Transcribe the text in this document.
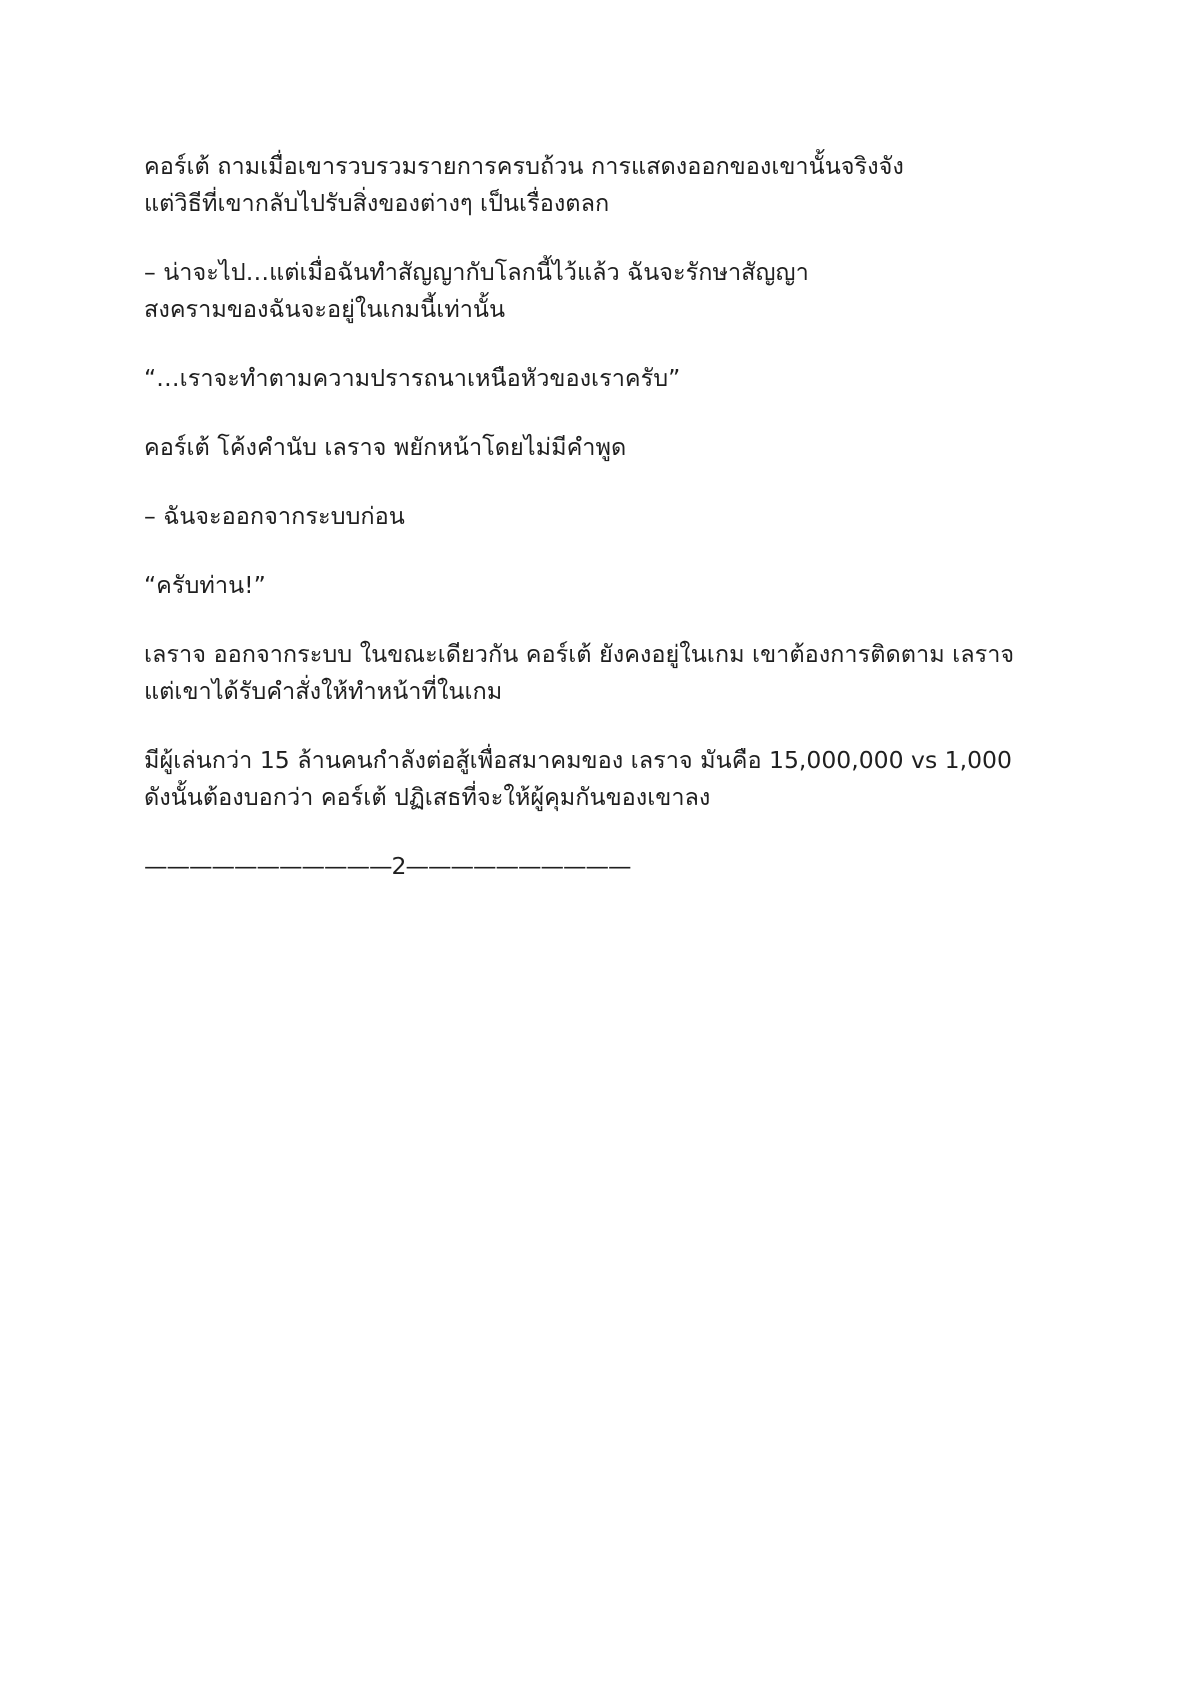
คอร์เต้ ถามเมื่อเขารวบรวมรายการครบถ้วน การแสดงออกของเขานั้นจริงจัง
แต่วิธีที่เขากลับไปรับสิ่งของต่างๆ เป็นเรื่องตลก

– น่าจะไป…แต่เมื่อฉันทำสัญญากับโลกนี้ไว้แล้ว ฉันจะรักษาสัญญา
สงครามของฉันจะอยู่ในเกมนี้เท่านั้น

“…เราจะทำตามความปรารถนาเหนือหัวของเราครับ”

คอร์เต้ โค้งคำนับ เลราจ พยักหน้าโดยไม่มีคำพูด

– ฉันจะออกจากระบบก่อน

“ครับท่าน!”

เลราจ ออกจากระบบ ในขณะเดียวกัน คอร์เต้ ยังคงอยู่ในเกม เขาต้องการติดตาม เลราจ
แต่เขาได้รับคำสั่งให้ทำหน้าที่ในเกม

มีผู้เล่นกว่า 15 ล้านคนกำลังต่อสู้เพื่อสมาคมของ เลราจ มันคือ 15,000,000 vs 1,000
ดังนั้นต้องบอกว่า คอร์เต้ ปฏิเสธที่จะให้ผู้คุมกันของเขาลง

———————————2——————————
